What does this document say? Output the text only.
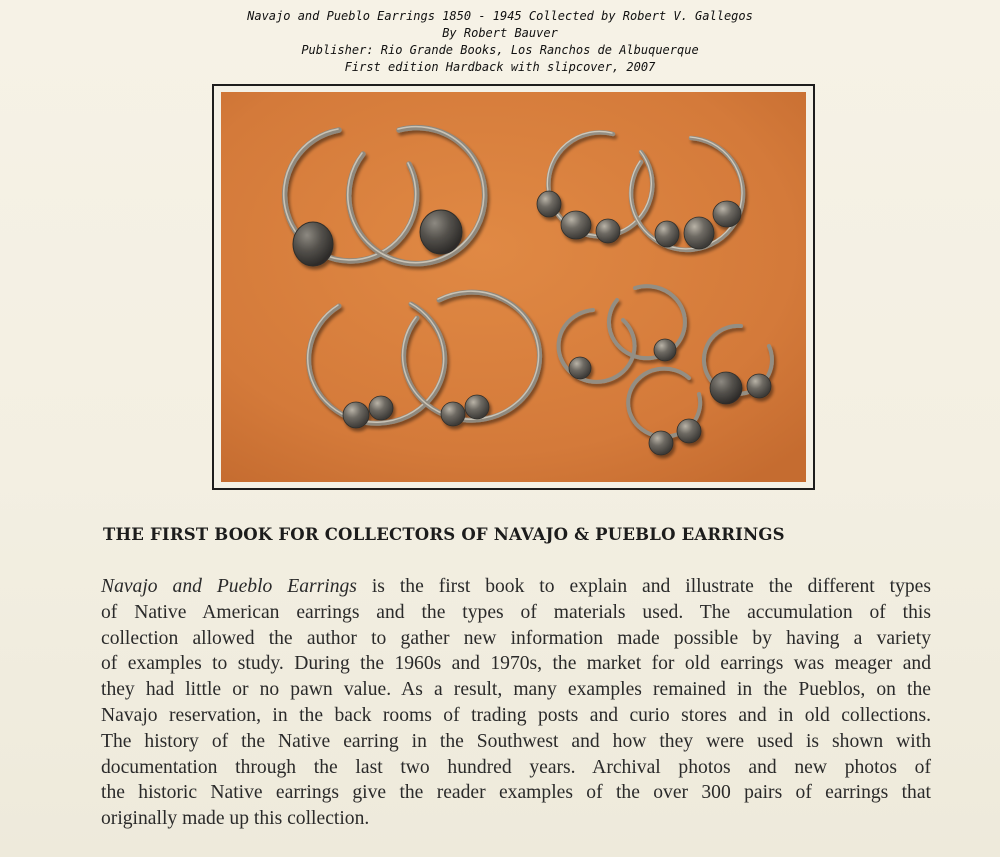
Navajo and Pueblo Earrings 1850 - 1945 Collected by Robert V. Gallegos
By Robert Bauver
Publisher: Rio Grande Books, Los Ranchos de Albuquerque
First edition Hardback with slipcover, 2007
THE FIRST BOOK FOR COLLECTORS OF NAVAJO & PUEBLO EARRINGS
Navajo and Pueblo Earrings is the first book to explain and illustrate the different types
of Native American earrings and the types of materials used. The accumulation of this
collection allowed the author to gather new information made possible by having a variety
of examples to study. During the 1960s and 1970s, the market for old earrings was meager and
they had little or no pawn value. As a result, many examples remained in the Pueblos, on the
Navajo reservation, in the back rooms of trading posts and curio stores and in old collections.
The history of the Native earring in the Southwest and how they were used is shown with
documentation through the last two hundred years. Archival photos and new photos of
the historic Native earrings give the reader examples of the over 300 pairs of earrings that
originally made up this collection.
